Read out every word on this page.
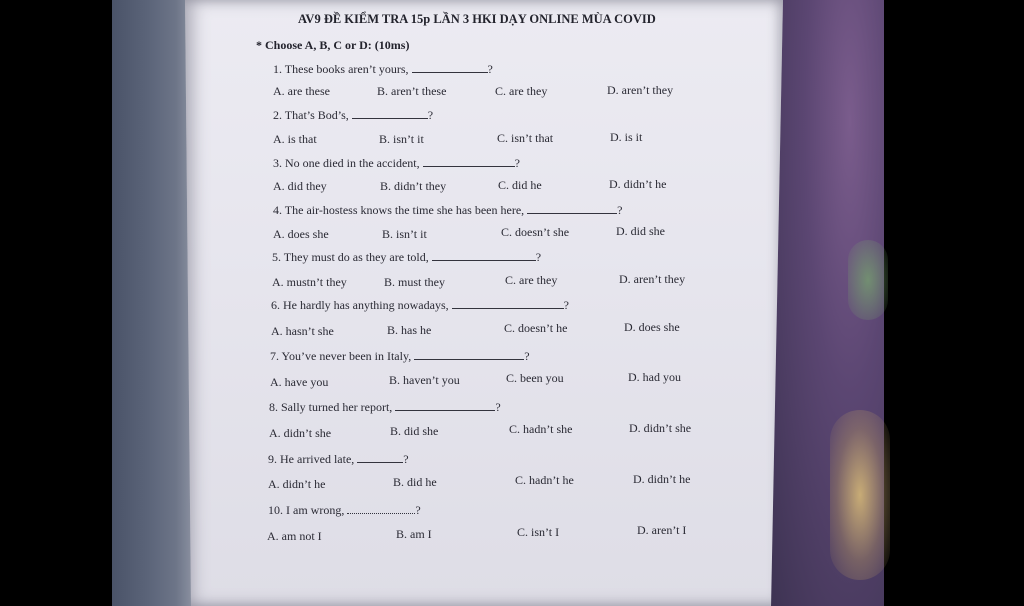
AV9 ĐỀ KIỂM TRA 15p LẦN 3 HKI DẠY ONLINE MÙA COVID
* Choose A, B, C or D: (10ms)
1. These books aren’t yours,	?
A. are these	B. aren’t these	C. are they	D. aren’t they
2. That’s Bod’s,	?
A. is that	B. isn’t it	C. isn’t that	D. is it
3. No one died in the accident,	?
A. did they	B. didn’t they	C. did he	D. didn’t he
4. The air-hostess knows the time she has been here,	?
A. does she	B. isn’t it	C. doesn’t she	D. did she
5. They must do as they are told,	?
A. mustn’t they	B. must they	C. are they	D. aren’t they
6. He hardly has anything nowadays,	?
A. hasn’t she	B. has he	C. doesn’t he	D. does she
7. You’ve never been in Italy,	?
A. have you	B. haven’t you	C. been you	D. had you
8. Sally turned her report,	?
A. didn’t she	B. did she	C. hadn’t she	D. didn’t she
9. He arrived late,	?
A. didn’t he	B. did he	C. hadn’t he	D. didn’t he
10. I am wrong,	?
A. am not I	B. am I	C. isn’t I	D. aren’t I
